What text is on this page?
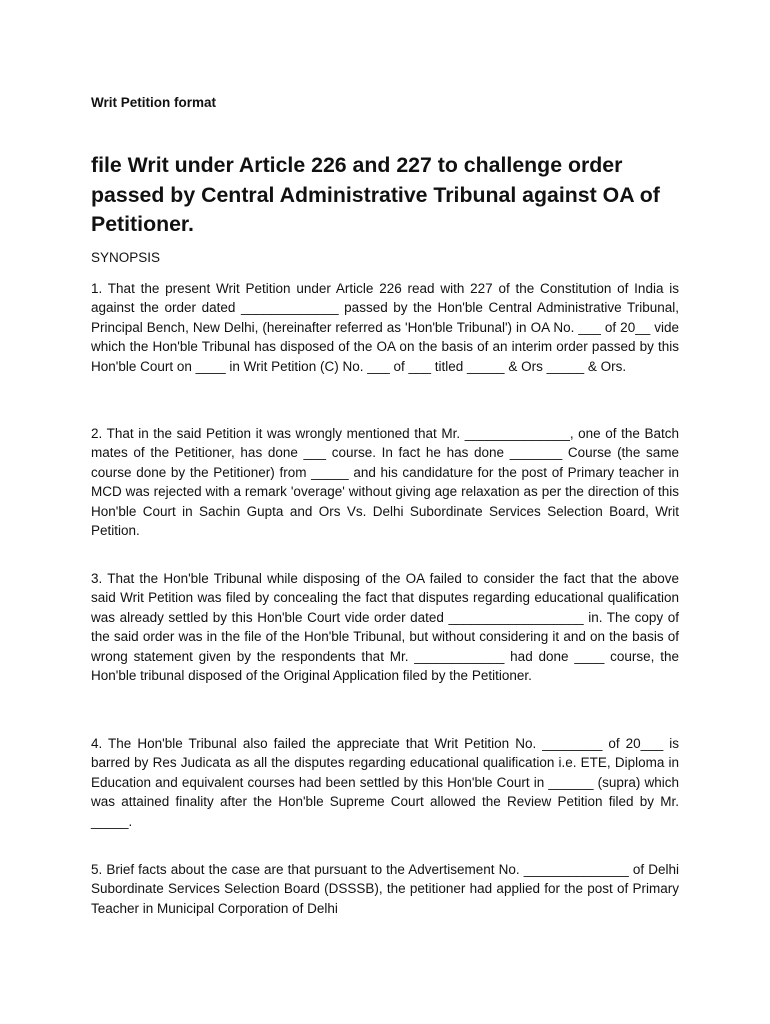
Writ Petition format

file Writ under Article 226 and 227 to challenge order passed by Central Administrative Tribunal against OA of Petitioner.
SYNOPSIS

1. That the present Writ Petition under Article 226 read with 227 of the Constitution of India is against the order dated _____________ passed by the Hon'ble Central Administrative Tribunal, Principal Bench, New Delhi, (hereinafter referred as 'Hon'ble Tribunal') in OA No. ___ of 20__ vide which the Hon'ble Tribunal has disposed of the OA on the basis of an interim order passed by this Hon'ble Court on ____ in Writ Petition (C) No. ___ of ___ titled _____ & Ors _____ & Ors.

2. That in the said Petition it was wrongly mentioned that Mr. ______________, one of the Batch mates of the Petitioner, has done ___ course. In fact he has done _______ Course (the same course done by the Petitioner) from _____ and his candidature for the post of Primary teacher in MCD was rejected with a remark 'overage' without giving age relaxation as per the direction of this Hon'ble Court in Sachin Gupta and Ors Vs. Delhi Subordinate Services Selection Board, Writ Petition.

3. That the Hon'ble Tribunal while disposing of the OA failed to consider the fact that the above said Writ Petition was filed by concealing the fact that disputes regarding educational qualification was already settled by this Hon'ble Court vide order dated __________________ in. The copy of the said order was in the file of the Hon'ble Tribunal, but without considering it and on the basis of wrong statement given by the respondents that Mr. ____________ had done ____ course, the Hon'ble tribunal disposed of the Original Application filed by the Petitioner.

4. The Hon'ble Tribunal also failed the appreciate that Writ Petition No. ________ of 20___ is barred by Res Judicata as all the disputes regarding educational qualification i.e. ETE, Diploma in Education and equivalent courses had been settled by this Hon'ble Court in ______ (supra) which was attained finality after the Hon'ble Supreme Court allowed the Review Petition filed by Mr. _____.

5. Brief facts about the case are that pursuant to the Advertisement No. ______________ of Delhi Subordinate Services Selection Board (DSSSB), the petitioner had applied for the post of Primary Teacher in Municipal Corporation of Delhi
